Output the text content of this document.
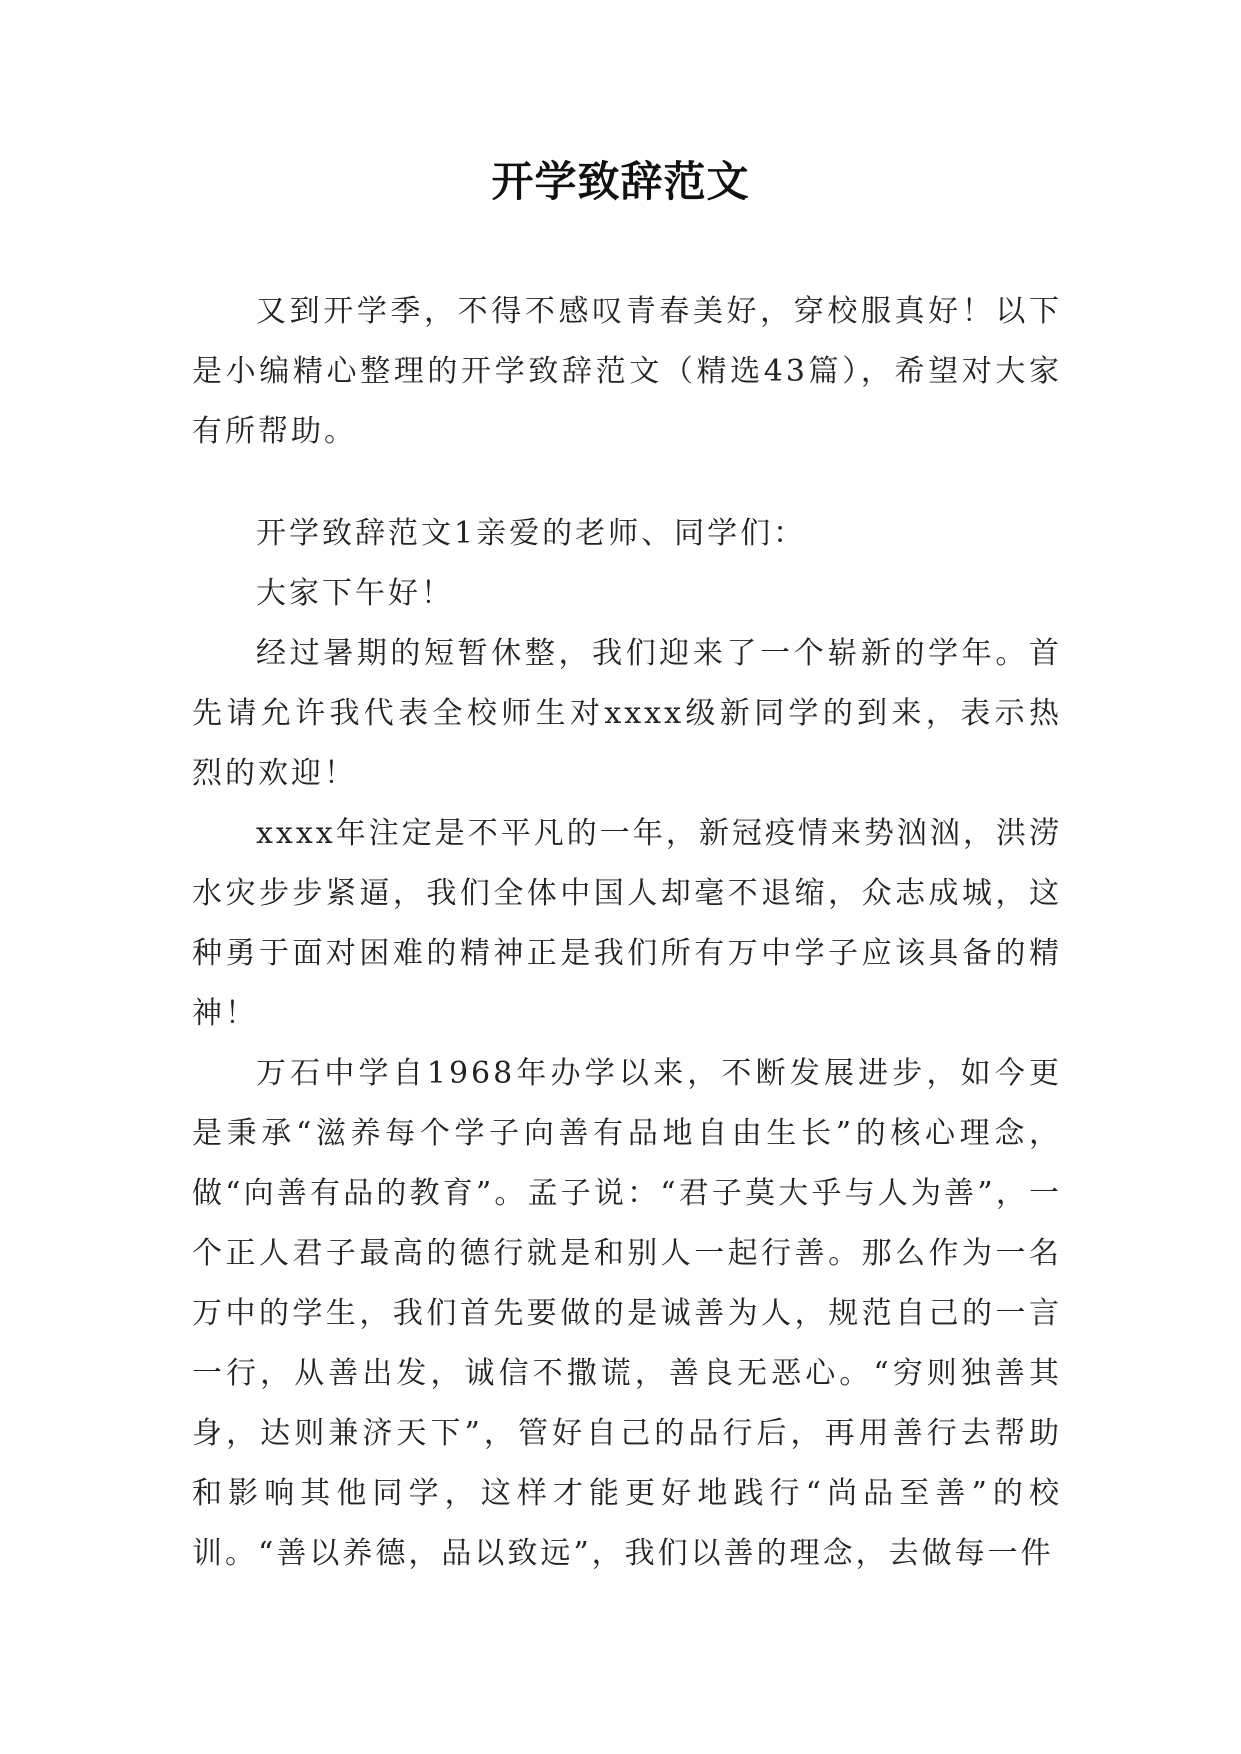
开学致辞范文

又到开学季，不得不感叹青春美好，穿校服真好！以下是小编精心整理的开学致辞范文（精选43篇），希望对大家有所帮助。

开学致辞范文1亲爱的老师、同学们：

大家下午好！

经过暑期的短暂休整，我们迎来了一个崭新的学年。首先请允许我代表全校师生对xxxx级新同学的到来，表示热烈的欢迎！

xxxx年注定是不平凡的一年，新冠疫情来势汹汹，洪涝水灾步步紧逼，我们全体中国人却毫不退缩，众志成城，这种勇于面对困难的精神正是我们所有万中学子应该具备的精神！

万石中学自1968年办学以来，不断发展进步，如今更是秉承“滋养每个学子向善有品地自由生长”的核心理念，做“向善有品的教育”。孟子说：“君子莫大乎与人为善”，一个正人君子最高的德行就是和别人一起行善。那么作为一名万中的学生，我们首先要做的是诚善为人，规范自己的一言一行，从善出发，诚信不撒谎，善良无恶心。“穷则独善其身，达则兼济天下”，管好自己的品行后，再用善行去帮助和影响其他同学，这样才能更好地践行“尚品至善”的校训。“善以养德，品以致远”，我们以善的理念，去做每一件
